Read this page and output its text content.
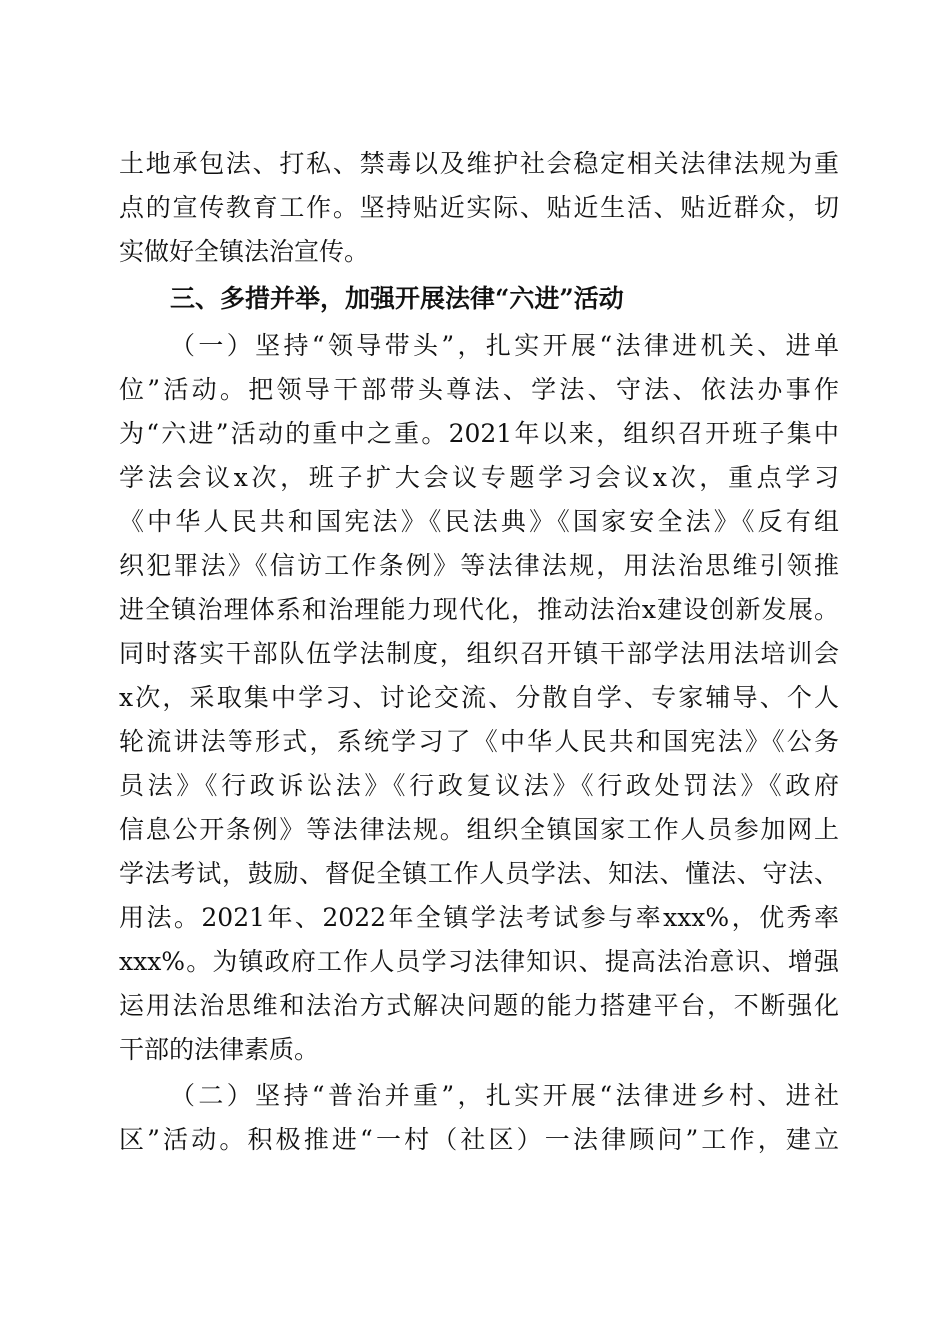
土地承包法、打私、禁毒以及维护社会稳定相关法律法规为重
点的宣传教育工作。坚持贴近实际、贴近生活、贴近群众，切
实做好全镇法治宣传。
三、多措并举，加强开展法律“六进”活动
（一）坚持“领导带头”，扎实开展“法律进机关、进单
位”活动。把领导干部带头尊法、学法、守法、依法办事作
为“六进”活动的重中之重。2021年以来，组织召开班子集中
学法会议x次，班子扩大会议专题学习会议x次，重点学习
《中华人民共和国宪法》《民法典》《国家安全法》《反有组
织犯罪法》《信访工作条例》等法律法规，用法治思维引领推
进全镇治理体系和治理能力现代化，推动法治x建设创新发展。
同时落实干部队伍学法制度，组织召开镇干部学法用法培训会
x次，采取集中学习、讨论交流、分散自学、专家辅导、个人
轮流讲法等形式，系统学习了《中华人民共和国宪法》《公务
员法》《行政诉讼法》《行政复议法》《行政处罚法》《政府
信息公开条例》等法律法规。组织全镇国家工作人员参加网上
学法考试，鼓励、督促全镇工作人员学法、知法、懂法、守法、
用法。2021年、2022年全镇学法考试参与率xxx%，优秀率
xxx%。为镇政府工作人员学习法律知识、提高法治意识、增强
运用法治思维和法治方式解决问题的能力搭建平台，不断强化
干部的法律素质。
（二）坚持“普治并重”，扎实开展“法律进乡村、进社
区”活动。积极推进“一村（社区）一法律顾问”工作，建立
